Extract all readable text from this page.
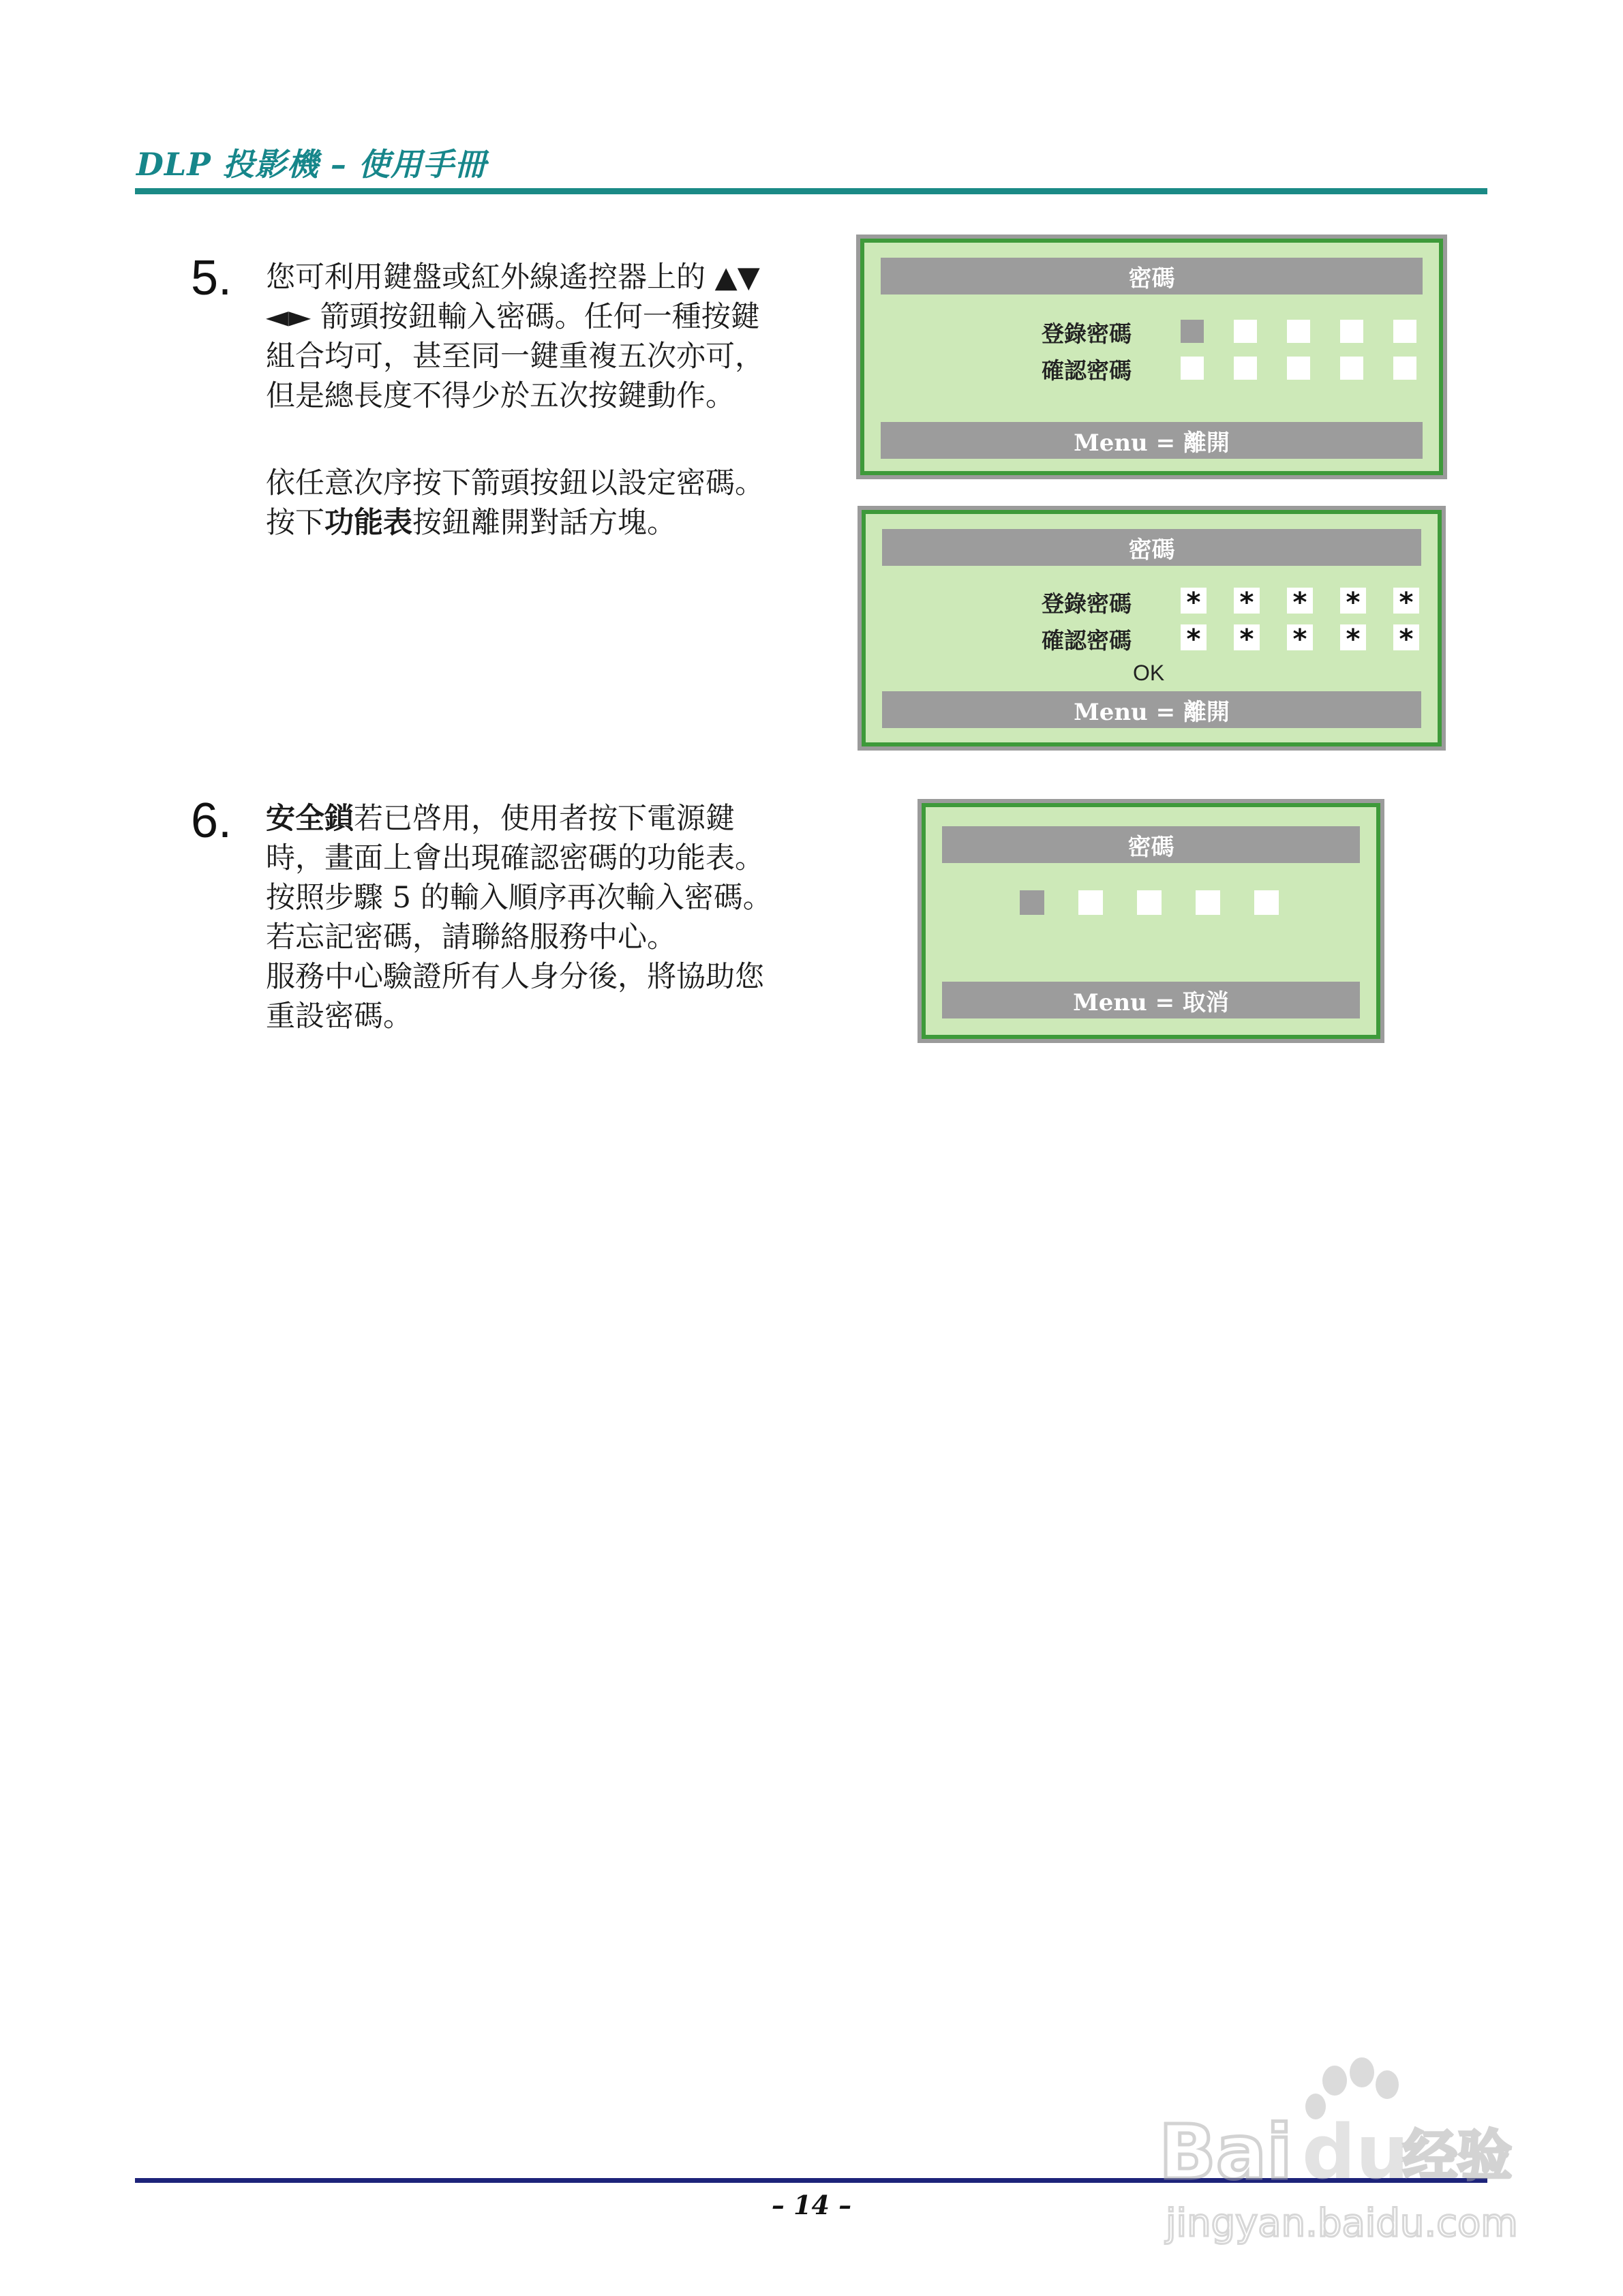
DLP 投影機 – 使用手冊
5. 您可利用鍵盤或紅外線遙控器上的 ▲▼

◄► 箭頭按鈕輸入密碼。任何一種按鍵

組合均可，甚至同一鍵重複五次亦可，

但是總長度不得少於五次按鍵動作。

依任意次序按下箭頭按鈕以設定密碼。

按下功能表按鈕離開對話方塊。

密碼
登錄密碼
確認密碼
Menu = 離開
密碼
登錄密碼
確認密碼
* * * * *
* * * * *
OK
Menu = 離開
6. 安全鎖若已啓用，使用者按下電源鍵

時，畫面上會出現確認密碼的功能表。

按照步驟 5 的輸入順序再次輸入密碼。

若忘記密碼，請聯絡服務中心。

服務中心驗證所有人身分後，將協助您

重設密碼。

密碼
Menu = 取消
– 14 –
Bai du
经验
jingyan.baidu.com
